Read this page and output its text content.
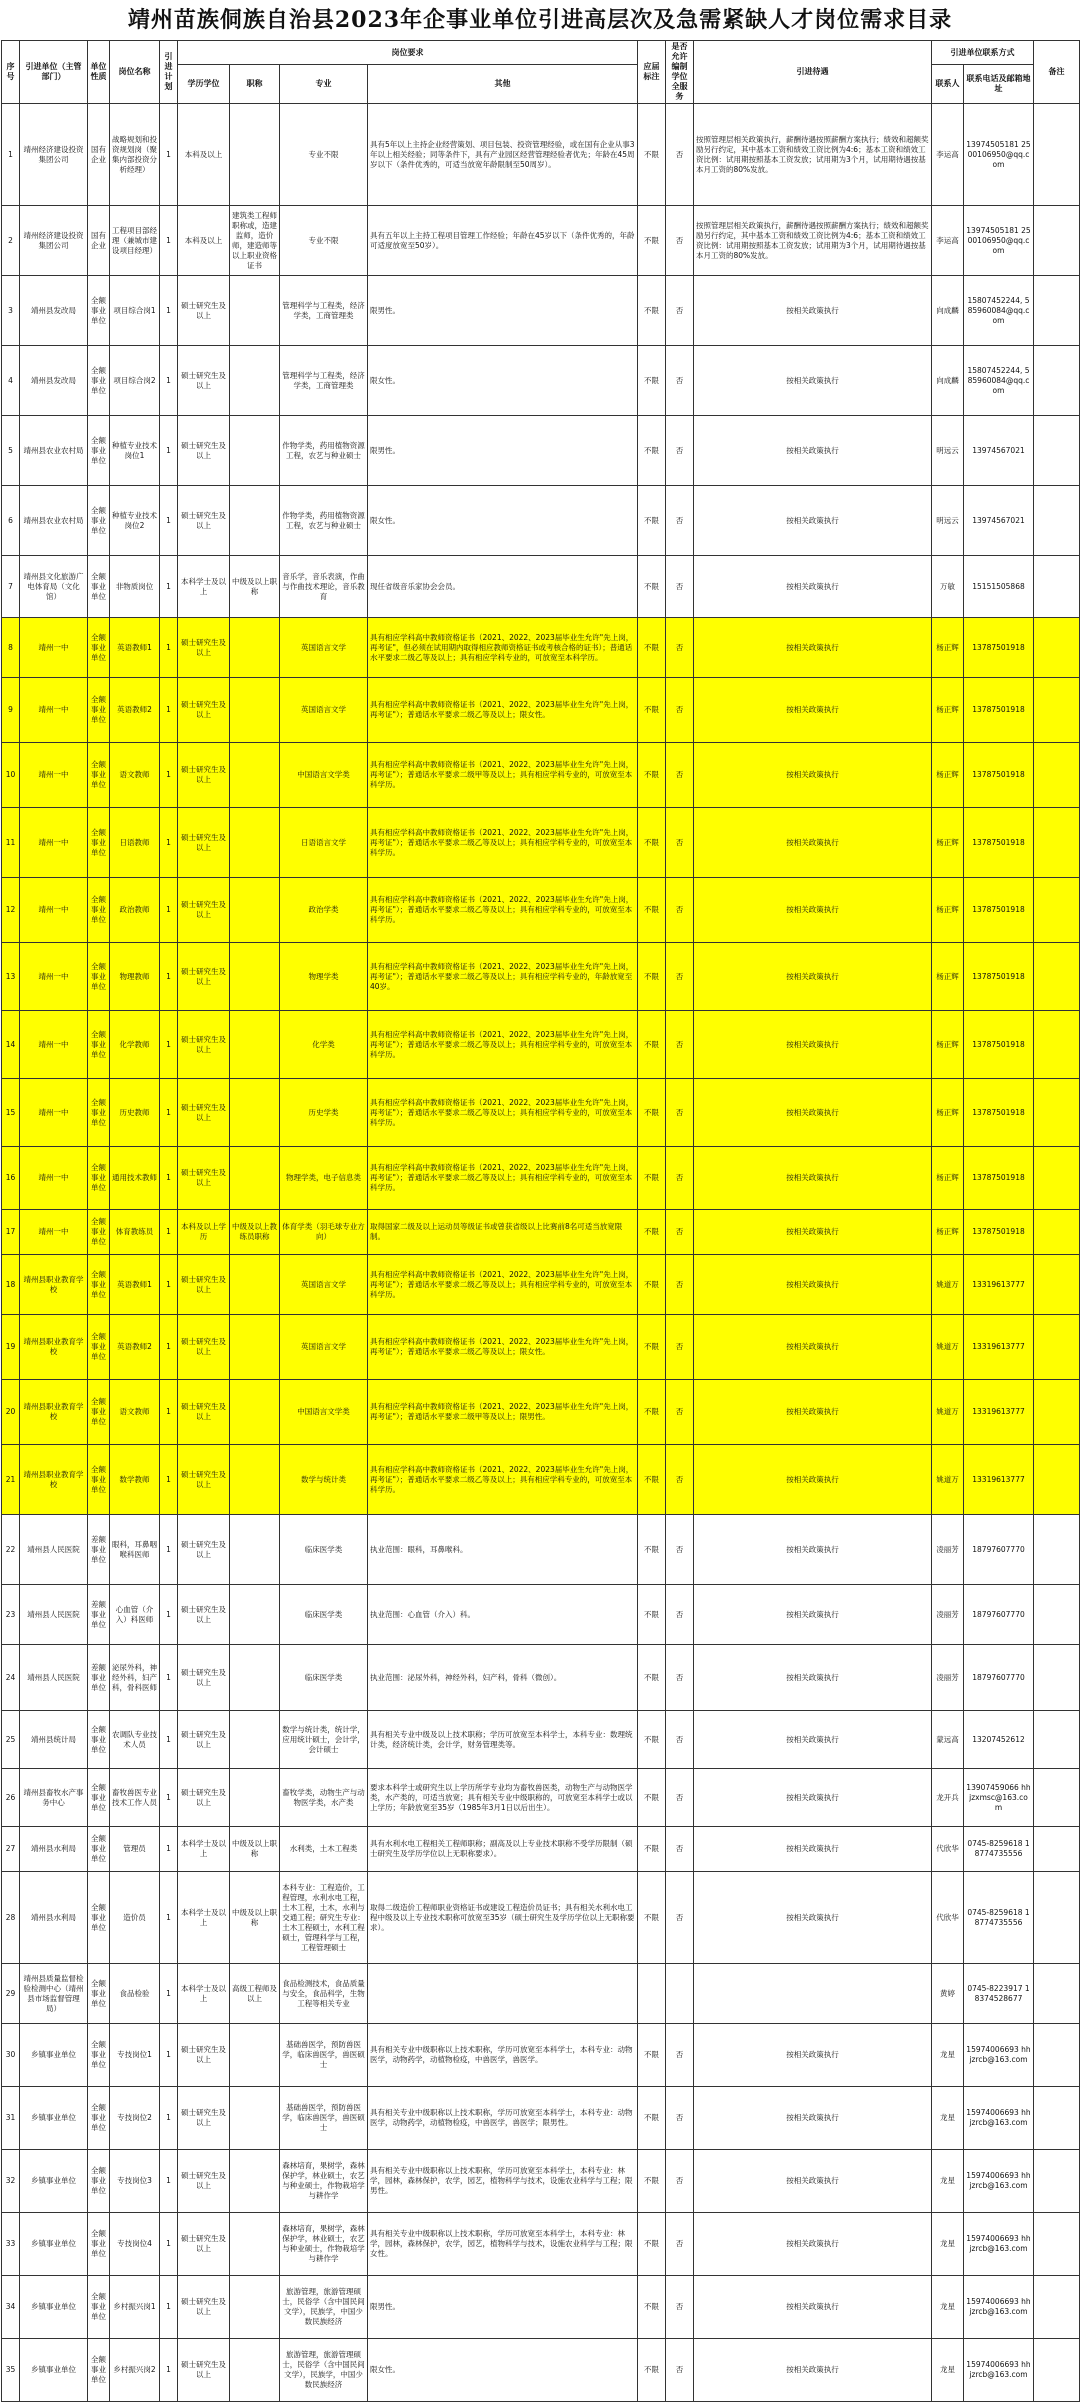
靖州苗族侗族自治县2023年企事业单位引进高层次及急需紧缺人才岗位需求目录
序号	引进单位（主管部门）	单位性质	岗位名称	引进计划	岗位要求				应届标注	是否允许编制学位全服务	引进待遇	引进单位联系方式		备注
					学历学位	职称	专业	其他				联系人	联系电话及邮箱地址	
1	靖州经济建设投资集团公司	国有企业	战略规划和投资规划岗（聚集内部投资分析经理）	1	本科及以上		专业不限	具有5年以上主持企业经营策划、项目包装、投资管理经验，或在国有企业从事3年以上相关经验；同等条件下，具有产业园区经营管理经验者优先；年龄在45周岁以下（条件优秀的，可适当放宽年龄限制至50周岁）。	不限	否	按照管理层相关政策执行，薪酬待遇按照薪酬方案执行；绩效和超额奖励另行约定，其中基本工资和绩效工资比例为4:6；基本工资和绩效工资比例：试用期按照基本工资发放；试用期为3个月，试用期待遇按基本月工资的80%发放。	李运高	13974505181 2500106950@qq.com	
2	靖州经济建设投资集团公司	国有企业	工程项目部经理（兼城市建设项目经理）	1	本科及以上	建筑类工程师职称或，造建监师，造价师，建造师等以上职业资格证书	专业不限	具有五年以上主持工程项目管理工作经验；年龄在45岁以下（条件优秀的，年龄可适度放宽至50岁）。	不限	否	按照管理层相关政策执行，薪酬待遇按照薪酬方案执行；绩效和超额奖励另行约定，其中基本工资和绩效工资比例为4:6；基本工资和绩效工资比例：试用期按照基本工资发放；试用期为3个月，试用期待遇按基本月工资的80%发放。	李运高	13974505181 2500106950@qq.com	
3	靖州县发改局	全额事业单位	项目综合岗1	1	硕士研究生及以上		管理科学与工程类，经济学类，工商管理类	限男性。	不限	否	按相关政策执行	向成麟	15807452244, 585960084@qq.com	
4	靖州县发改局	全额事业单位	项目综合岗2	1	硕士研究生及以上		管理科学与工程类，经济学类，工商管理类	限女性。	不限	否	按相关政策执行	向成麟	15807452244, 585960084@qq.com	
5	靖州县农业农村局	全额事业单位	种植专业技术岗位1	1	硕士研究生及以上		作物学类，药用植物资源工程，农艺与种业硕士	限男性。	不限	否	按相关政策执行	明远云	13974567021	
6	靖州县农业农村局	全额事业单位	种植专业技术岗位2	1	硕士研究生及以上		作物学类，药用植物资源工程，农艺与种业硕士	限女性。	不限	否	按相关政策执行	明远云	13974567021	
7	靖州县文化旅游广电体育局（文化馆）	全额事业单位	非物质岗位	1	本科学士及以上	中级及以上职称	音乐学，音乐表演，作曲与作曲技术理论，音乐教育	现任省级音乐家协会会员。	不限	否	按相关政策执行	万敏	15151505868	
8	靖州一中	全额事业单位	英语教师1	1	硕士研究生及以上		英国语言文学	具有相应学科高中教师资格证书（2021、2022、2023届毕业生允许"先上岗，再考证"，但必须在试用期内取得相应教师资格证书或考核合格的证书）；普通话水平要求二级乙等及以上；具有相应学科专业的，可放宽至本科学历。	不限	否	按相关政策执行	杨正辉	13787501918	
9	靖州一中	全额事业单位	英语教师2	1	硕士研究生及以上		英国语言文学	具有相应学科高中教师资格证书（2021、2022、2023届毕业生允许"先上岗，再考证"）；普通话水平要求二级乙等及以上；限女性。	不限	否	按相关政策执行	杨正辉	13787501918	
10	靖州一中	全额事业单位	语文教师	1	硕士研究生及以上		中国语言文学类	具有相应学科高中教师资格证书（2021、2022、2023届毕业生允许"先上岗，再考证"）；普通话水平要求二级甲等及以上；具有相应学科专业的，可放宽至本科学历。	不限	否	按相关政策执行	杨正辉	13787501918	
11	靖州一中	全额事业单位	日语教师	1	硕士研究生及以上		日语语言文学	具有相应学科高中教师资格证书（2021、2022、2023届毕业生允许"先上岗，再考证"）；普通话水平要求二级乙等及以上；具有相应学科专业的，可放宽至本科学历。	不限	否	按相关政策执行	杨正辉	13787501918	
12	靖州一中	全额事业单位	政治教师	1	硕士研究生及以上		政治学类	具有相应学科高中教师资格证书（2021、2022、2023届毕业生允许"先上岗，再考证"）；普通话水平要求二级乙等及以上；具有相应学科专业的，可放宽至本科学历。	不限	否	按相关政策执行	杨正辉	13787501918	
13	靖州一中	全额事业单位	物理教师	1	硕士研究生及以上		物理学类	具有相应学科高中教师资格证书（2021、2022、2023届毕业生允许"先上岗，再考证"）；普通话水平要求二级乙等及以上；具有相应学科专业的，年龄放宽至40岁。	不限	否	按相关政策执行	杨正辉	13787501918	
14	靖州一中	全额事业单位	化学教师	1	硕士研究生及以上		化学类	具有相应学科高中教师资格证书（2021、2022、2023届毕业生允许"先上岗，再考证"）；普通话水平要求二级乙等及以上；具有相应学科专业的，可放宽至本科学历。	不限	否	按相关政策执行	杨正辉	13787501918	
15	靖州一中	全额事业单位	历史教师	1	硕士研究生及以上		历史学类	具有相应学科高中教师资格证书（2021、2022、2023届毕业生允许"先上岗，再考证"）；普通话水平要求二级乙等及以上；具有相应学科专业的，可放宽至本科学历。	不限	否	按相关政策执行	杨正辉	13787501918	
16	靖州一中	全额事业单位	通用技术教师	1	硕士研究生及以上		物理学类，电子信息类	具有相应学科高中教师资格证书（2021、2022、2023届毕业生允许"先上岗，再考证"）；普通话水平要求二级乙等及以上；具有相应学科专业的，可放宽至本科学历。	不限	否	按相关政策执行	杨正辉	13787501918	
17	靖州一中	全额事业单位	体育教练员	1	本科及以上学历	中级及以上教练员职称	体育学类（羽毛球专业方向）	取得国家二级及以上运动员等级证书或曾获省级以上比赛前8名可适当放宽限制。	不限	否	按相关政策执行	杨正辉	13787501918	
18	靖州县职业教育学校	全额事业单位	英语教师1	1	硕士研究生及以上		英国语言文学	具有相应学科高中教师资格证书（2021、2022、2023届毕业生允许"先上岗，再考证"）；普通话水平要求二级乙等及以上；具有相应学科专业的，可放宽至本科学历。	不限	否	按相关政策执行	姚道万	13319613777	
19	靖州县职业教育学校	全额事业单位	英语教师2	1	硕士研究生及以上		英国语言文学	具有相应学科高中教师资格证书（2021、2022、2023届毕业生允许"先上岗，再考证"）；普通话水平要求二级乙等及以上；限女性。	不限	否	按相关政策执行	姚道万	13319613777	
20	靖州县职业教育学校	全额事业单位	语文教师	1	硕士研究生及以上		中国语言文学类	具有相应学科高中教师资格证书（2021、2022、2023届毕业生允许"先上岗，再考证"）；普通话水平要求二级甲等及以上；限男性。	不限	否	按相关政策执行	姚道万	13319613777	
21	靖州县职业教育学校	全额事业单位	数学教师	1	硕士研究生及以上		数学与统计类	具有相应学科高中教师资格证书（2021、2022、2023届毕业生允许"先上岗，再考证"）；普通话水平要求二级乙等及以上；具有相应学科专业的，可放宽至本科学历。	不限	否	按相关政策执行	姚道万	13319613777	
22	靖州县人民医院	差额事业单位	眼科，耳鼻咽喉科医师	1	硕士研究生及以上		临床医学类	执业范围：眼科，耳鼻喉科。	不限	否	按相关政策执行	凌丽芳	18797607770	
23	靖州县人民医院	差额事业单位	心血管（介入）科医师	1	硕士研究生及以上		临床医学类	执业范围：心血管（介入）科。	不限	否	按相关政策执行	凌丽芳	18797607770	
24	靖州县人民医院	差额事业单位	泌尿外科，神经外科，妇产科，骨科医师	1	硕士研究生及以上		临床医学类	执业范围：泌尿外科，神经外科，妇产科，骨科（微创）。	不限	否	按相关政策执行	凌丽芳	18797607770	
25	靖州县统计局	全额事业单位	农调队专业技术人员	1	硕士研究生及以上		数学与统计类，统计学，应用统计硕士，会计学，会计硕士	具有相关专业中级及以上技术职称；学历可放宽至本科学士，本科专业：数理统计类，经济统计类，会计学，财务管理类等。	不限	否	按相关政策执行	蒙远高	13207452612	
26	靖州县畜牧水产事务中心	全额事业单位	畜牧兽医专业技术工作人员	1	硕士研究生及以上		畜牧学类，动物生产与动物医学类，水产类	要求本科学士或研究生以上学历所学专业均为畜牧兽医类，动物生产与动物医学类，水产类的，可适当放宽；具有相关专业中级职称的，可放宽至本科学士或以上学历；年龄放宽至35岁（1985年3月1日以后出生）。	不限	否	按相关政策执行	龙开兵	13907459066 hhjzxmsc@163.com	
27	靖州县水利局	全额事业单位	管理员	1	本科学士及以上	中级及以上职称	水利类，土木工程类	具有水利水电工程相关工程师职称；副高及以上专业技术职称不受学历限制（硕士研究生及学历学位以上无职称要求）。	不限	否	按相关政策执行	代欣华	0745-8259618 18774735556	
28	靖州县水利局	全额事业单位	造价员	1	本科学士及以上	中级及以上职称	本科专业：工程造价，工程管理，水利水电工程，土木工程，土木，水利与交通工程；研究生专业：土木工程硕士，水利工程硕士，管理科学与工程，工程管理硕士	取得二级造价工程师职业资格证书或建设工程造价员证书；具有相关水利水电工程中级及以上专业技术职称可放宽至35岁（硕士研究生及学历学位以上无职称要求）。	不限	否	按相关政策执行	代欣华	0745-8259618 18774735556	
29	靖州县质量监督检验检测中心（靖州县市场监督管理局）	全额事业单位	食品检验	1	本科学士及以上	高级工程师及以上	食品检测技术，食品质量与安全，食品科学，生物工程等相关专业					黄婷	0745-8223917 18374528677	
30	乡镇事业单位	全额事业单位	专技岗位1	1	硕士研究生及以上		基础兽医学，预防兽医学，临床兽医学，兽医硕士	具有相关专业中级职称以上技术职称，学历可放宽至本科学士，本科专业：动物医学，动物药学，动植物检疫，中兽医学，兽医学。	不限	否	按相关政策执行	龙星	15974006693 hhjzrcb@163.com	
31	乡镇事业单位	全额事业单位	专技岗位2	1	硕士研究生及以上		基础兽医学，预防兽医学，临床兽医学，兽医硕士	具有相关专业中级职称以上技术职称，学历可放宽至本科学士，本科专业：动物医学，动物药学，动植物检疫，中兽医学，兽医学；限男性。	不限	否	按相关政策执行	龙星	15974006693 hhjzrcb@163.com	
32	乡镇事业单位	全额事业单位	专技岗位3	1	硕士研究生及以上		森林培育，果树学，森林保护学，林业硕士，农艺与种业硕士，作物栽培学与耕作学	具有相关专业中级职称以上技术职称，学历可放宽至本科学士，本科专业：林学，园林，森林保护，农学，园艺，植物科学与技术，设施农业科学与工程；限男性。	不限	否	按相关政策执行	龙星	15974006693 hhjzrcb@163.com	
33	乡镇事业单位	全额事业单位	专技岗位4	1	硕士研究生及以上		森林培育，果树学，森林保护学，林业硕士，农艺与种业硕士，作物栽培学与耕作学	具有相关专业中级职称以上技术职称，学历可放宽至本科学士，本科专业：林学，园林，森林保护，农学，园艺，植物科学与技术，设施农业科学与工程；限女性。	不限	否	按相关政策执行	龙星	15974006693 hhjzrcb@163.com	
34	乡镇事业单位	全额事业单位	乡村振兴岗1	1	硕士研究生及以上		旅游管理，旅游管理硕士，民俗学（含中国民间文学），民族学，中国少数民族经济	限男性。	不限	否	按相关政策执行	龙星	15974006693 hhjzrcb@163.com	
35	乡镇事业单位	全额事业单位	乡村振兴岗2	1	硕士研究生及以上		旅游管理，旅游管理硕士，民俗学（含中国民间文学），民族学，中国少数民族经济	限女性。	不限	否	按相关政策执行	龙星	15974006693 hhjzrcb@163.com	
